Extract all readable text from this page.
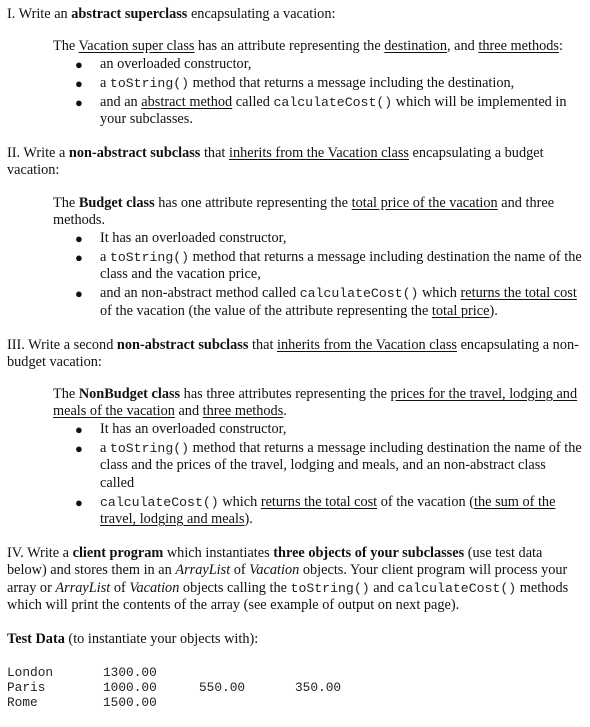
I. Write an abstract superclass encapsulating a vacation:

The Vacation super class has an attribute representing the destination, and three methods:

● an overloaded constructor,
● a toString() method that returns a message including the destination,
● and an abstract method called calculateCost() which will be implemented in your subclasses.

II. Write a non-abstract subclass that inherits from the Vacation class encapsulating a budget vacation:

The Budget class has one attribute representing the total price of the vacation and three methods.

● It has an overloaded constructor,
● a toString() method that returns a message including destination the name of the class and the vacation price,
● and an non-abstract method called calculateCost() which returns the total cost of the vacation (the value of the attribute representing the total price).

III. Write a second non-abstract subclass that inherits from the Vacation class encapsulating a non-budget vacation:

The NonBudget class has three attributes representing the prices for the travel, lodging and meals of the vacation and three methods.

● It has an overloaded constructor,
● a toString() method that returns a message including destination the name of the class and the prices of the travel, lodging and meals, and an non-abstract class called
● calculateCost() which returns the total cost of the vacation (the sum of the travel, lodging and meals).

IV. Write a client program which instantiates three objects of your subclasses (use test data below) and stores them in an ArrayList of Vacation objects. Your client program will process your array or ArrayList of Vacation objects calling the toString() and calculateCost() methods which will print the contents of the array (see example of output on next page).

Test Data (to instantiate your objects with):

London	1300.00
Paris	1000.00	550.00	350.00
Rome	1500.00
